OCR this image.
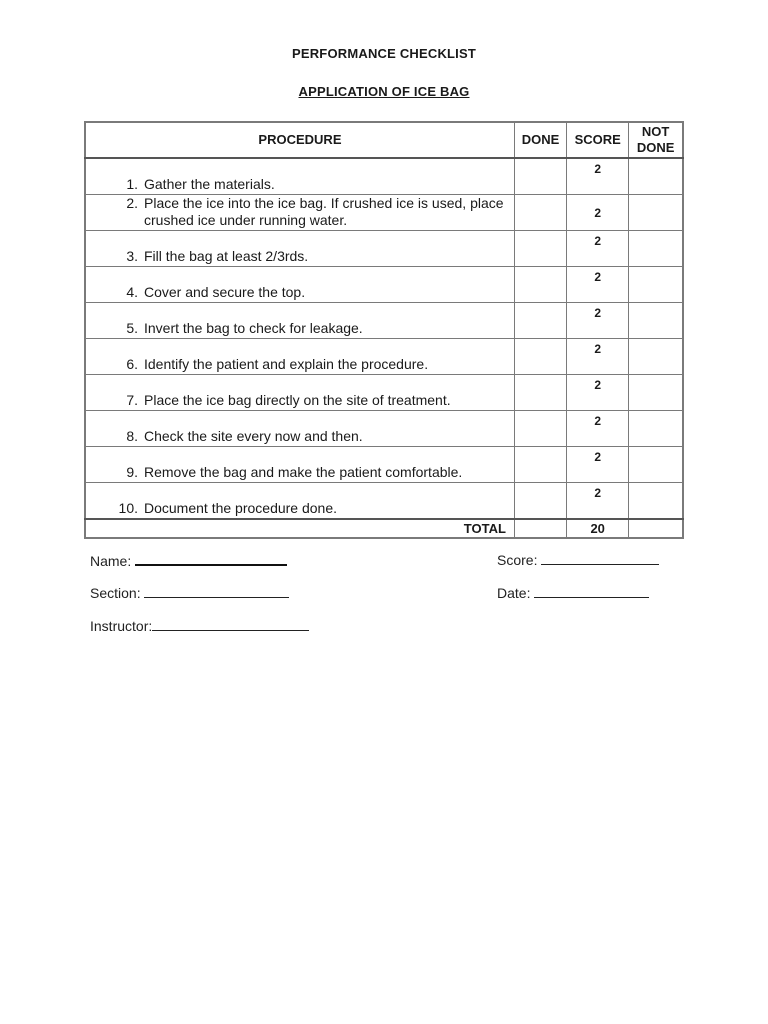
PERFORMANCE CHECKLIST
APPLICATION OF ICE BAG
PROCEDURE	DONE	SCORE	NOT DONE

1. Gather the materials.		2	

2. Place the ice into the ice bag. If crushed ice is used, place crushed ice under running water.		2	

3. Fill the bag at least 2/3rds.		2	

4. Cover and secure the top.		2	

5. Invert the bag to check for leakage.		2	

6. Identify the patient and explain the procedure.		2	

7. Place the ice bag directly on the site of treatment.		2	

8. Check the site every now and then.		2	

9. Remove the bag and make the patient comfortable.		2	

10. Document the procedure done.		2	
TOTAL		20	
Name:	Score:
Section:	Date:
Instructor:
